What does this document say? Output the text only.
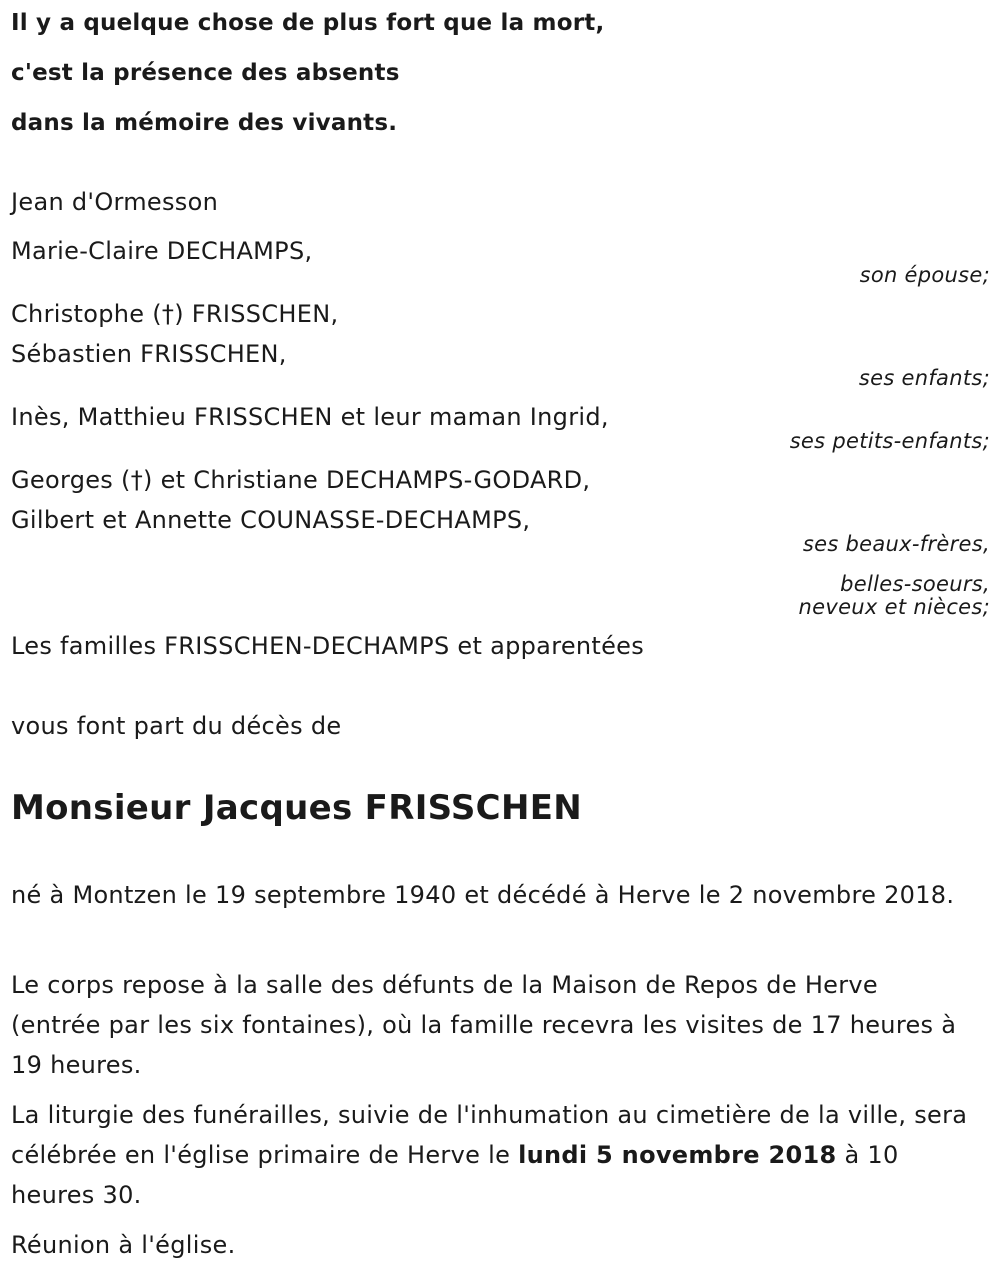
Il y a quelque chose de plus fort que la mort,
c'est la présence des absents
dans la mémoire des vivants.
Jean d'Ormesson
Marie-Claire DECHAMPS,
son épouse;
Christophe (†) FRISSCHEN,
Sébastien FRISSCHEN,
ses enfants;
Inès, Matthieu FRISSCHEN et leur maman Ingrid,
ses petits-enfants;
Georges (†) et Christiane DECHAMPS-GODARD,
Gilbert et Annette COUNASSE-DECHAMPS,
ses beaux-frères,
belles-soeurs,
neveux et nièces;
Les familles FRISSCHEN-DECHAMPS et apparentées
vous font part du décès de
Monsieur Jacques FRISSCHEN
né à Montzen le 19 septembre 1940 et décédé à Herve le 2 novembre 2018.
Le corps repose à la salle des défunts de la Maison de Repos de Herve (entrée par les six fontaines), où la famille recevra les visites de 17 heures à 19 heures.
La liturgie des funérailles, suivie de l'inhumation au cimetière de la ville, sera célébrée en l'église primaire de Herve le lundi 5 novembre 2018 à 10 heures 30.
Réunion à l'église.
